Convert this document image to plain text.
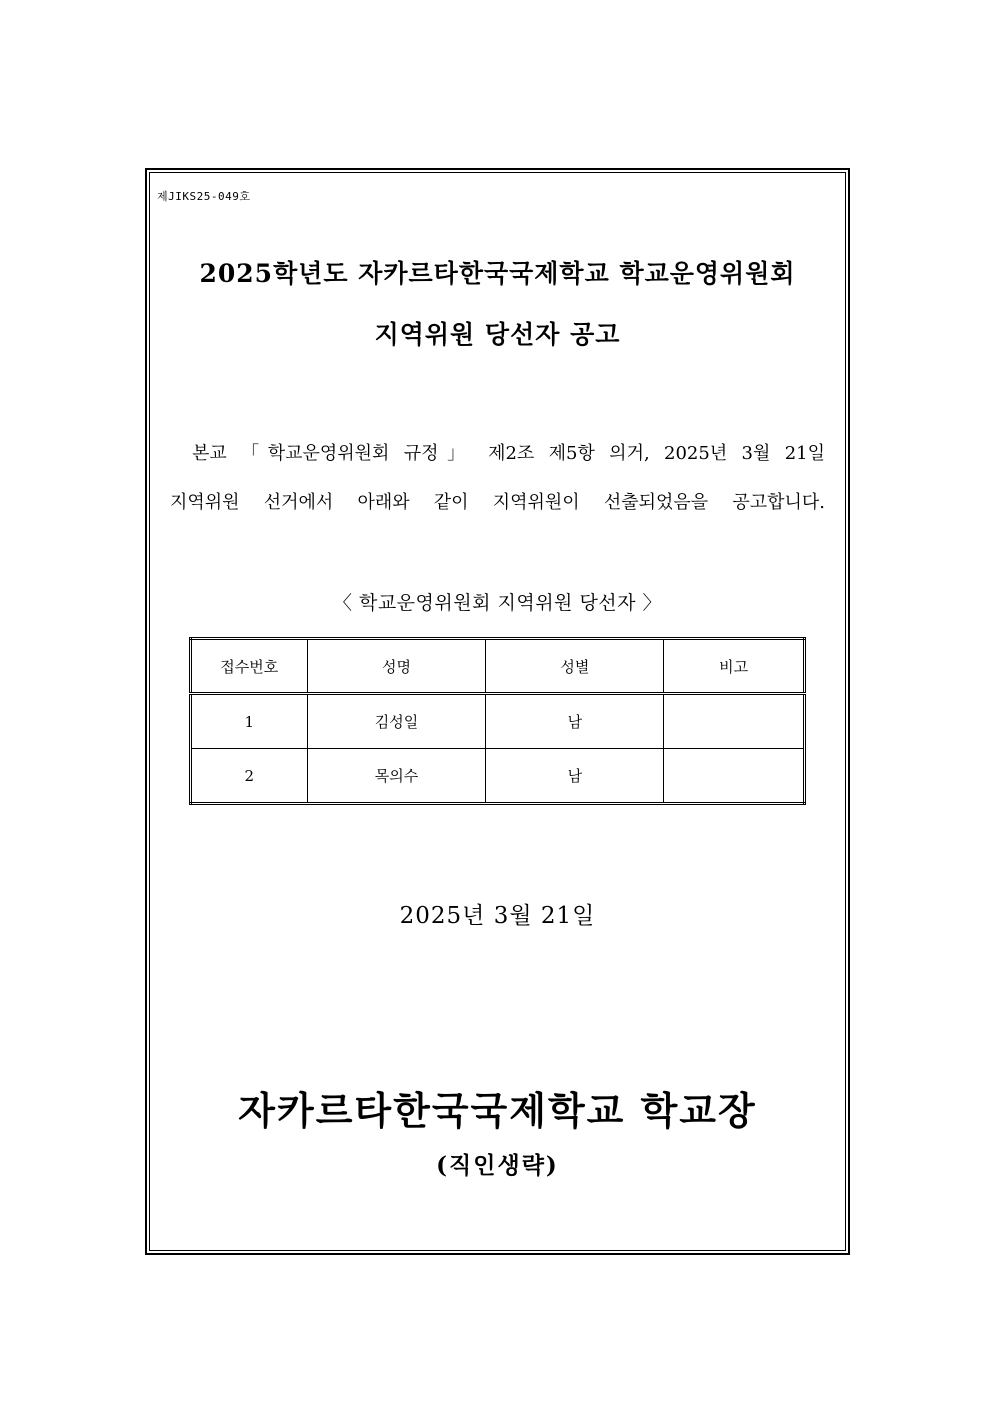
제JIKS25-049호
2025학년도 자카르타한국국제학교 학교운영위원회
지역위원 당선자 공고
본교 「학교운영위원회 규정」 제2조 제5항 의거, 2025년 3월 21일
지역위원 선거에서 아래와 같이 지역위원이 선출되었음을 공고합니다.
〈 학교운영위원회 지역위원 당선자 〉
접수번호	성명	성별	비고
1	김성일	남	
2	목의수	남	
2025년 3월 21일
자카르타한국국제학교 학교장
(직인생략)
